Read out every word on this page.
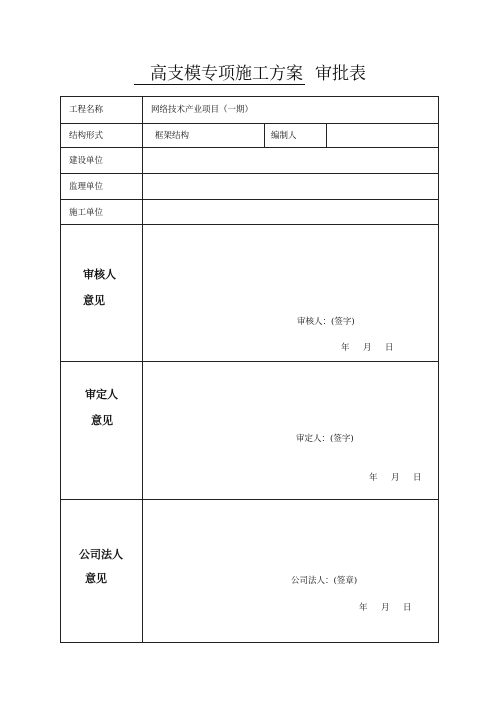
高支模专项施工方案 审批表
工程名称	网络技术产业项目（一期）
结构形式	框架结构	编制人
建设单位
监理单位
施工单位
审核人
意见
审核人：(签字)
年     月     日
审定人
意见
审定人：(签字)
年     月     日
公司法人
意见	公司法人：(签章)
年     月     日
